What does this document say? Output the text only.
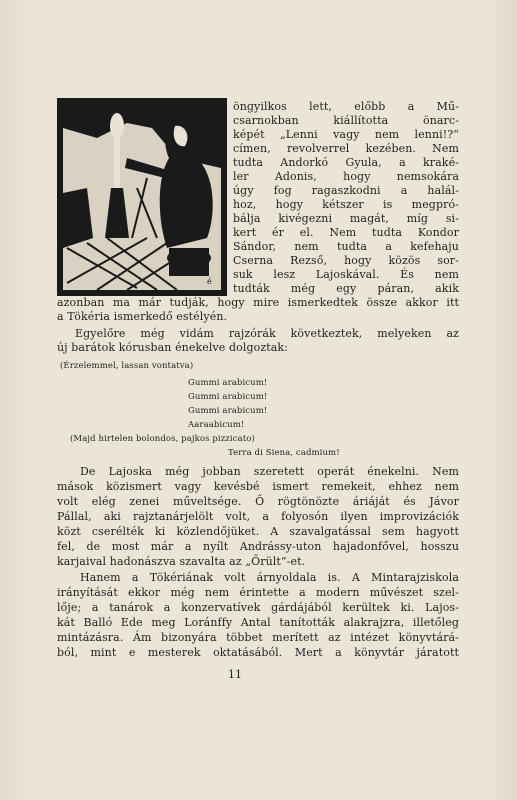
é
öngyilkos lett, előbb a Mű-
csarnokban kiállította önarc-
képét „Lenni vagy nem lenni!?“
címen, revolverrel kezében. Nem
tudta Andorkó Gyula, a kraké-
ler Adonis, hogy nemsokára
úgy fog ragaszkodni a halál-
hoz, hogy kétszer is megpró-
bálja kivégezni magát, míg si-
kert ér el. Nem tudta Kondor
Sándor, nem tudta a kefehaju
Cserna Rezső, hogy közös sor-
suk lesz Lajoskával. És nem
tudták még egy páran, akik
azonban ma már tudják, hogy mire ismerkedtek össze akkor itt
a Tökéria ismerkedő estélyén.
Egyelőre még vidám rajzórák következtek, melyeken az
új barátok kórusban énekelve dolgoztak:
(Érzelemmel, lassan vontatva)
Gummi arabicum!
Gummi arabicum!
Gummi arabicum!
Aaraabicum!
(Majd hirtelen bolondos, pajkos pizzicato)
Terra di Siena, cadmium!
De Lajoska még jobban szeretett operát énekelni. Nem
mások közismert vagy kevésbé ismert remekeit, ehhez nem
volt elég zenei műveltsége. Ő rögtönözte áriáját és Jávor
Pállal, aki rajztanárjelölt volt, a folyosón ilyen improvizációk
közt cserélték ki közlendőjüket. A szavalgatással sem hagyott
fel, de most már a nyílt Andrássy-uton hajadonfővel, hosszu
karjaival hadonászva szavalta az „Őrült“-et.
Hanem a Tökériának volt árnyoldala is. A Mintarajziskola
irányítását ekkor még nem érintette a modern művészet szel-
lője; a tanárok a konzervatívek gárdájából kerültek ki. Lajos-
kát Balló Ede meg Loránffy Antal tanították alakrajzra, illetőleg
mintázásra. Ám bizonyára többet merített az intézet könyvtárá-
ból, mint e mesterek oktatásából. Mert a könyvtár járatott
11
